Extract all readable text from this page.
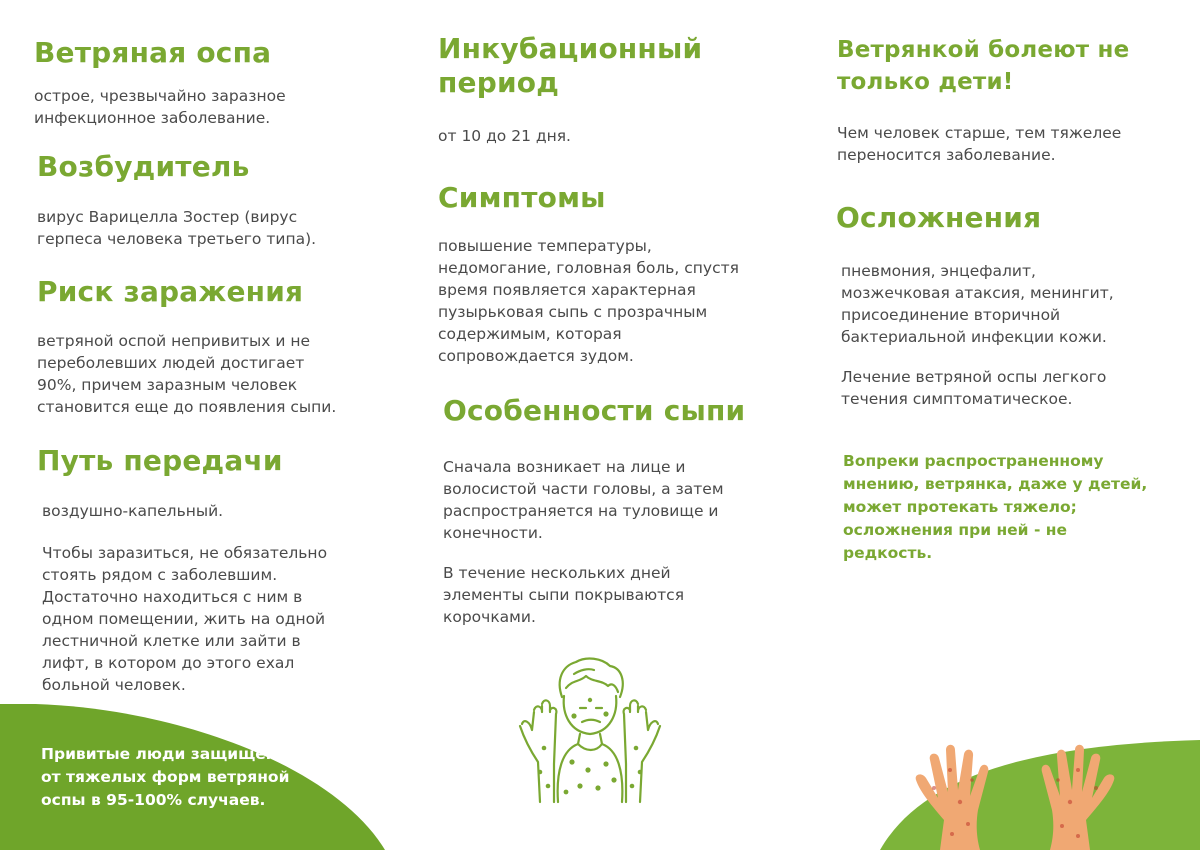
Ветряная оспа

острое, чрезвычайно заразное
инфекционное заболевание.

Возбудитель

вирус Варицелла Зостер (вирус
герпеса человека третьего типа).

Риск заражения

ветряной оспой непривитых и не
переболевших людей достигает
90%, причем заразным человек
становится еще до появления сыпи.

Путь передачи

воздушно-капельный.

Чтобы заразиться, не обязательно
стоять рядом с заболевшим.
Достаточно находиться с ним в
одном помещении, жить на одной
лестничной клетке или зайти в
лифт, в котором до этого ехал
больной человек.

Привитые люди защищены
от тяжелых форм ветряной
оспы в 95-100% случаев.

Инкубационный
период

от 10 до 21 дня.

Симптомы

повышение температуры,
недомогание, головная боль, спустя
время появляется характерная
пузырьковая сыпь с прозрачным
содержимым, которая
сопровождается зудом.

Особенности сыпи

Сначала возникает на лице и
волосистой части головы, а затем
распространяется на туловище и
конечности.

В течение нескольких дней
элементы сыпи покрываются
корочками.

Ветрянкой болеют не
только дети!

Чем человек старше, тем тяжелее
переносится заболевание.

Осложнения

пневмония, энцефалит,
мозжечковая атаксия, менингит,
присоединение вторичной
бактериальной инфекции кожи.

Лечение ветряной оспы легкого
течения симптоматическое.

Вопреки распространенному
мнению, ветрянка, даже у детей,
может протекать тяжело;
осложнения при ней - не
редкость.
